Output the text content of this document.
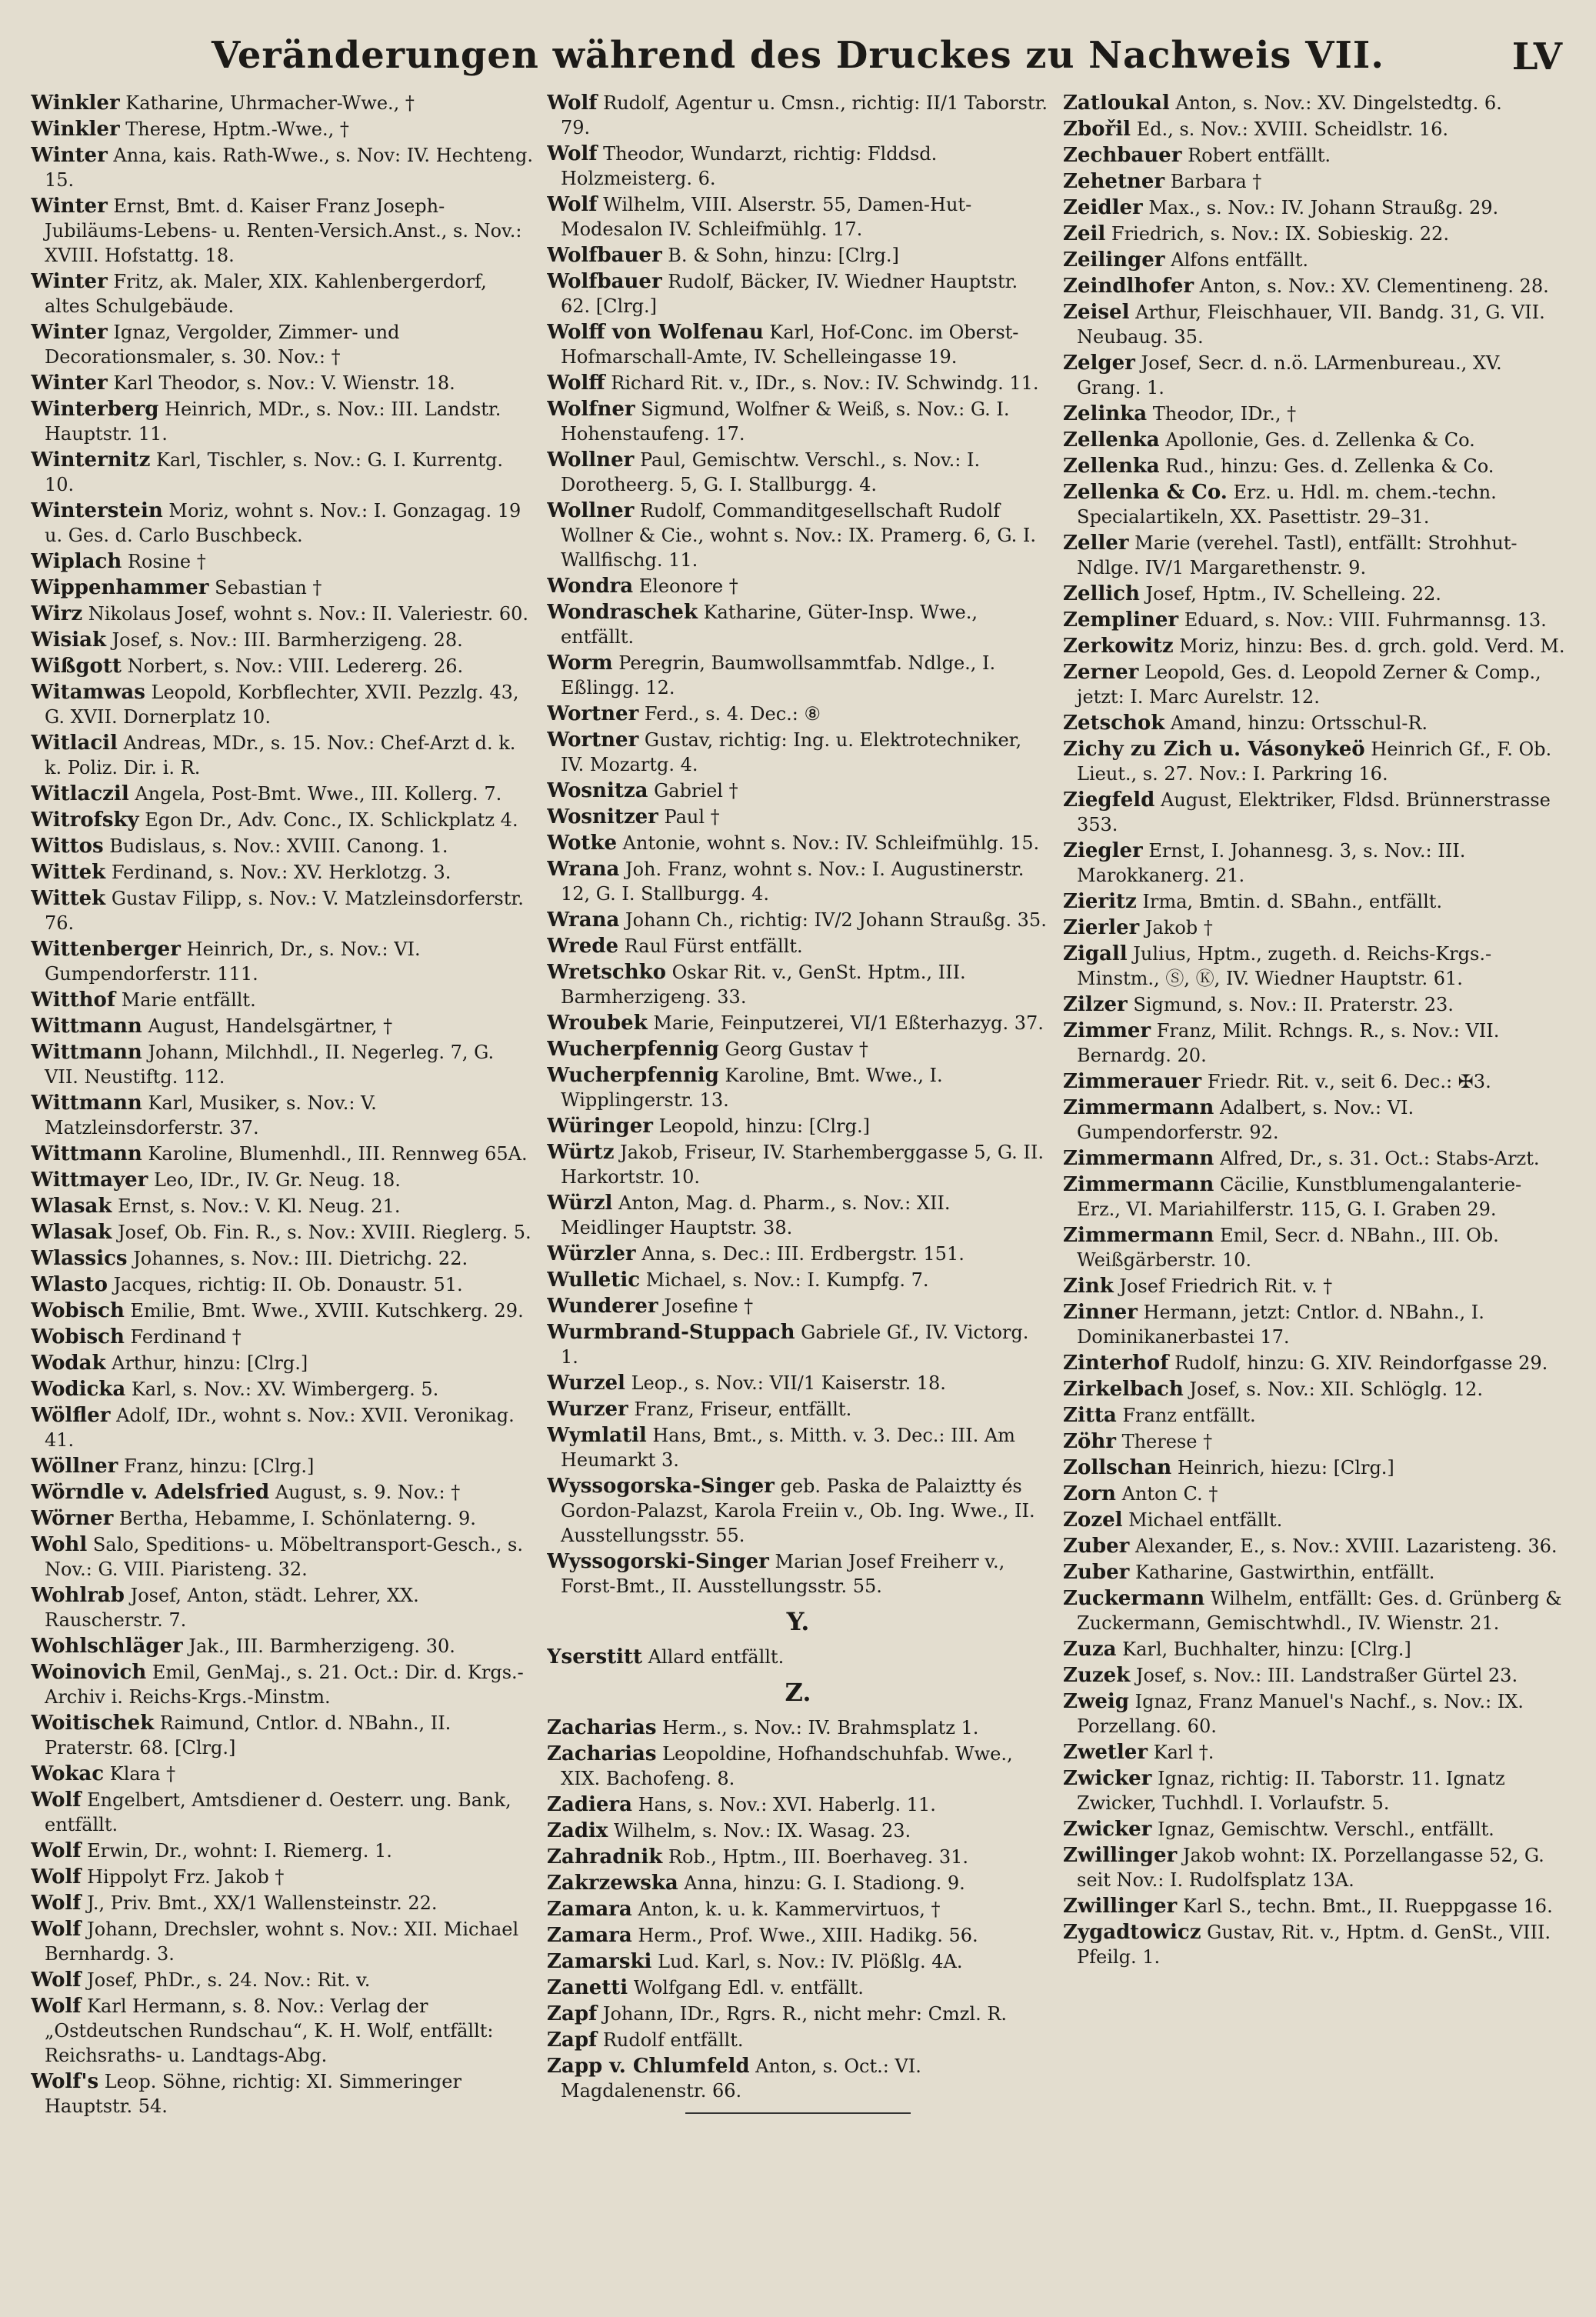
Veränderungen während des Druckes zu Nachweis VII.	LV
Winkler Katharine, Uhrmacher-Wwe., †
Winkler Therese, Hptm.-Wwe., †
Winter Anna, kais. Rath-Wwe., s. Nov: IV. Hechteng. 15.
Winter Ernst, Bmt. d. Kaiser Franz Joseph-Jubiläums-Lebens- u. Renten-Versich.Anst., s. Nov.: XVIII. Hofstattg. 18.
Winter Fritz, ak. Maler, XIX. Kahlenbergerdorf, altes Schulgebäude.
Winter Ignaz, Vergolder, Zimmer- und Decorationsmaler, s. 30. Nov.: †
Winter Karl Theodor, s. Nov.: V. Wienstr. 18.
Winterberg Heinrich, MDr., s. Nov.: III. Landstr. Hauptstr. 11.
Winternitz Karl, Tischler, s. Nov.: G. I. Kurrentg. 10.
Winterstein Moriz, wohnt s. Nov.: I. Gonzagag. 19 u. Ges. d. Carlo Buschbeck.
Wiplach Rosine †
Wippenhammer Sebastian †
Wirz Nikolaus Josef, wohnt s. Nov.: II. Valeriestr. 60.
Wisiak Josef, s. Nov.: III. Barmherzigeng. 28.
Wißgott Norbert, s. Nov.: VIII. Ledererg. 26.
Witamwas Leopold, Korbflechter, XVII. Pezzlg. 43, G. XVII. Dornerplatz 10.
Witlacil Andreas, MDr., s. 15. Nov.: Chef-Arzt d. k. k. Poliz. Dir. i. R.
Witlaczil Angela, Post-Bmt. Wwe., III. Kollerg. 7.
Witrofsky Egon Dr., Adv. Conc., IX. Schlickplatz 4.
Wittos Budislaus, s. Nov.: XVIII. Canong. 1.
Wittek Ferdinand, s. Nov.: XV. Herklotzg. 3.
Wittek Gustav Filipp, s. Nov.: V. Matzleinsdorferstr. 76.
Wittenberger Heinrich, Dr., s. Nov.: VI. Gumpendorferstr. 111.
Witthof Marie entfällt.
Wittmann August, Handelsgärtner, †
Wittmann Johann, Milchhdl., II. Negerleg. 7, G. VII. Neustiftg. 112.
Wittmann Karl, Musiker, s. Nov.: V. Matzleinsdorferstr. 37.
Wittmann Karoline, Blumenhdl., III. Rennweg 65A.
Wittmayer Leo, IDr., IV. Gr. Neug. 18.
Wlasak Ernst, s. Nov.: V. Kl. Neug. 21.
Wlasak Josef, Ob. Fin. R., s. Nov.: XVIII. Rieglerg. 5.
Wlassics Johannes, s. Nov.: III. Dietrichg. 22.
Wlasto Jacques, richtig: II. Ob. Donaustr. 51.
Wobisch Emilie, Bmt. Wwe., XVIII. Kutschkerg. 29.
Wobisch Ferdinand †
Wodak Arthur, hinzu: [Clrg.]
Wodicka Karl, s. Nov.: XV. Wimbergerg. 5.
Wölfler Adolf, IDr., wohnt s. Nov.: XVII. Veronikag. 41.
Wöllner Franz, hinzu: [Clrg.]
Wörndle v. Adelsfried August, s. 9. Nov.: †
Wörner Bertha, Hebamme, I. Schönlaterng. 9.
Wohl Salo, Speditions- u. Möbeltransport-Gesch., s. Nov.: G. VIII. Piaristeng. 32.
Wohlrab Josef, Anton, städt. Lehrer, XX. Rauscherstr. 7.
Wohlschläger Jak., III. Barmherzigeng. 30.
Woinovich Emil, GenMaj., s. 21. Oct.: Dir. d. Krgs.-Archiv i. Reichs-Krgs.-Minstm.
Woitischek Raimund, Cntlor. d. NBahn., II. Praterstr. 68. [Clrg.]
Wokac Klara †
Wolf Engelbert, Amtsdiener d. Oesterr. ung. Bank, entfällt.
Wolf Erwin, Dr., wohnt: I. Riemerg. 1.
Wolf Hippolyt Frz. Jakob †
Wolf J., Priv. Bmt., XX/1 Wallensteinstr. 22.
Wolf Johann, Drechsler, wohnt s. Nov.: XII. Michael Bernhardg. 3.
Wolf Josef, PhDr., s. 24. Nov.: Rit. v.
Wolf Karl Hermann, s. 8. Nov.: Verlag der „Ostdeutschen Rundschau“, K. H. Wolf, entfällt: Reichsraths- u. Landtags-Abg.
Wolf's Leop. Söhne, richtig: XI. Simmeringer Hauptstr. 54.
Wolf Rudolf, Agentur u. Cmsn., richtig: II/1 Taborstr. 79.
Wolf Theodor, Wundarzt, richtig: Flddsd. Holzmeisterg. 6.
Wolf Wilhelm, VIII. Alserstr. 55, Damen-Hut-Modesalon IV. Schleifmühlg. 17.
Wolfbauer B. & Sohn, hinzu: [Clrg.]
Wolfbauer Rudolf, Bäcker, IV. Wiedner Hauptstr. 62. [Clrg.]
Wolff von Wolfenau Karl, Hof-Conc. im Oberst-Hofmarschall-Amte, IV. Schelleingasse 19.
Wolff Richard Rit. v., IDr., s. Nov.: IV. Schwindg. 11.
Wolfner Sigmund, Wolfner & Weiß, s. Nov.: G. I. Hohenstaufeng. 17.
Wollner Paul, Gemischtw. Verschl., s. Nov.: I. Dorotheerg. 5, G. I. Stallburgg. 4.
Wollner Rudolf, Commanditgesellschaft Rudolf Wollner & Cie., wohnt s. Nov.: IX. Pramerg. 6, G. I. Wallfischg. 11.
Wondra Eleonore †
Wondraschek Katharine, Güter-Insp. Wwe., entfällt.
Worm Peregrin, Baumwollsammtfab. Ndlge., I. Eßlingg. 12.
Wortner Ferd., s. 4. Dec.: ⑧
Wortner Gustav, richtig: Ing. u. Elektrotechniker, IV. Mozartg. 4.
Wosnitza Gabriel †
Wosnitzer Paul †
Wotke Antonie, wohnt s. Nov.: IV. Schleifmühlg. 15.
Wrana Joh. Franz, wohnt s. Nov.: I. Augustinerstr. 12, G. I. Stallburgg. 4.
Wrana Johann Ch., richtig: IV/2 Johann Straußg. 35.
Wrede Raul Fürst entfällt.
Wretschko Oskar Rit. v., GenSt. Hptm., III. Barmherzigeng. 33.
Wroubek Marie, Feinputzerei, VI/1 Eßterhazyg. 37.
Wucherpfennig Georg Gustav †
Wucherpfennig Karoline, Bmt. Wwe., I. Wipplingerstr. 13.
Würinger Leopold, hinzu: [Clrg.]
Würtz Jakob, Friseur, IV. Starhemberggasse 5, G. II. Harkortstr. 10.
Würzl Anton, Mag. d. Pharm., s. Nov.: XII. Meidlinger Hauptstr. 38.
Würzler Anna, s. Dec.: III. Erdbergstr. 151.
Wulletic Michael, s. Nov.: I. Kumpfg. 7.
Wunderer Josefine †
Wurmbrand-Stuppach Gabriele Gf., IV. Victorg. 1.
Wurzel Leop., s. Nov.: VII/1 Kaiserstr. 18.
Wurzer Franz, Friseur, entfällt.
Wymlatil Hans, Bmt., s. Mitth. v. 3. Dec.: III. Am Heumarkt 3.
Wyssogorska-Singer geb. Paska de Palaiztty és Gordon-Palazst, Karola Freiin v., Ob. Ing. Wwe., II. Ausstellungsstr. 55.
Wyssogorski-Singer Marian Josef Freiherr v., Forst-Bmt., II. Ausstellungsstr. 55.
Y.
Yserstitt Allard entfällt.
Z.
Zacharias Herm., s. Nov.: IV. Brahmsplatz 1.
Zacharias Leopoldine, Hofhandschuhfab. Wwe., XIX. Bachofeng. 8.
Zadiera Hans, s. Nov.: XVI. Haberlg. 11.
Zadix Wilhelm, s. Nov.: IX. Wasag. 23.
Zahradnik Rob., Hptm., III. Boerhaveg. 31.
Zakrzewska Anna, hinzu: G. I. Stadiong. 9.
Zamara Anton, k. u. k. Kammervirtuos, †
Zamara Herm., Prof. Wwe., XIII. Hadikg. 56.
Zamarski Lud. Karl, s. Nov.: IV. Plößlg. 4A.
Zanetti Wolfgang Edl. v. entfällt.
Zapf Johann, IDr., Rgrs. R., nicht mehr: Cmzl. R.
Zapf Rudolf entfällt.
Zapp v. Chlumfeld Anton, s. Oct.: VI. Magdalenenstr. 66.
Zatloukal Anton, s. Nov.: XV. Dingelstedtg. 6.
Zbořil Ed., s. Nov.: XVIII. Scheidlstr. 16.
Zechbauer Robert entfällt.
Zehetner Barbara †
Zeidler Max., s. Nov.: IV. Johann Straußg. 29.
Zeil Friedrich, s. Nov.: IX. Sobieskig. 22.
Zeilinger Alfons entfällt.
Zeindlhofer Anton, s. Nov.: XV. Clementineng. 28.
Zeisel Arthur, Fleischhauer, VII. Bandg. 31, G. VII. Neubaug. 35.
Zelger Josef, Secr. d. n.ö. LArmenbureau., XV. Grang. 1.
Zelinka Theodor, IDr., †
Zellenka Apollonie, Ges. d. Zellenka & Co.
Zellenka Rud., hinzu: Ges. d. Zellenka & Co.
Zellenka & Co. Erz. u. Hdl. m. chem.-techn. Specialartikeln, XX. Pasettistr. 29–31.
Zeller Marie (verehel. Tastl), entfällt: Strohhut-Ndlge. IV/1 Margarethenstr. 9.
Zellich Josef, Hptm., IV. Schelleing. 22.
Zempliner Eduard, s. Nov.: VIII. Fuhrmannsg. 13.
Zerkowitz Moriz, hinzu: Bes. d. grch. gold. Verd. M.
Zerner Leopold, Ges. d. Leopold Zerner & Comp., jetzt: I. Marc Aurelstr. 12.
Zetschok Amand, hinzu: Ortsschul-R.
Zichy zu Zich u. Vásonykeö Heinrich Gf., F. Ob. Lieut., s. 27. Nov.: I. Parkring 16.
Ziegfeld August, Elektriker, Fldsd. Brünnerstrasse 353.
Ziegler Ernst, I. Johannesg. 3, s. Nov.: III. Marokkanerg. 21.
Zieritz Irma, Bmtin. d. SBahn., entfällt.
Zierler Jakob †
Zigall Julius, Hptm., zugeth. d. Reichs-Krgs.-Minstm., Ⓢ, Ⓚ, IV. Wiedner Hauptstr. 61.
Zilzer Sigmund, s. Nov.: II. Praterstr. 23.
Zimmer Franz, Milit. Rchngs. R., s. Nov.: VII. Bernardg. 20.
Zimmerauer Friedr. Rit. v., seit 6. Dec.: ✠3.
Zimmermann Adalbert, s. Nov.: VI. Gumpendorferstr. 92.
Zimmermann Alfred, Dr., s. 31. Oct.: Stabs-Arzt.
Zimmermann Cäcilie, Kunstblumengalanterie-Erz., VI. Mariahilferstr. 115, G. I. Graben 29.
Zimmermann Emil, Secr. d. NBahn., III. Ob. Weißgärberstr. 10.
Zink Josef Friedrich Rit. v. †
Zinner Hermann, jetzt: Cntlor. d. NBahn., I. Dominikanerbastei 17.
Zinterhof Rudolf, hinzu: G. XIV. Reindorfgasse 29.
Zirkelbach Josef, s. Nov.: XII. Schlöglg. 12.
Zitta Franz entfällt.
Zöhr Therese †
Zollschan Heinrich, hiezu: [Clrg.]
Zorn Anton C. †
Zozel Michael entfällt.
Zuber Alexander, E., s. Nov.: XVIII. Lazaristeng. 36.
Zuber Katharine, Gastwirthin, entfällt.
Zuckermann Wilhelm, entfällt: Ges. d. Grünberg & Zuckermann, Gemischtwhdl., IV. Wienstr. 21.
Zuza Karl, Buchhalter, hinzu: [Clrg.]
Zuzek Josef, s. Nov.: III. Landstraßer Gürtel 23.
Zweig Ignaz, Franz Manuel's Nachf., s. Nov.: IX. Porzellang. 60.
Zwetler Karl †.
Zwicker Ignaz, richtig: II. Taborstr. 11. Ignatz Zwicker, Tuchhdl. I. Vorlaufstr. 5.
Zwicker Ignaz, Gemischtw. Verschl., entfällt.
Zwillinger Jakob wohnt: IX. Porzellangasse 52, G. seit Nov.: I. Rudolfsplatz 13A.
Zwillinger Karl S., techn. Bmt., II. Rueppgasse 16.
Zygadtowicz Gustav, Rit. v., Hptm. d. GenSt., VIII. Pfeilg. 1.
